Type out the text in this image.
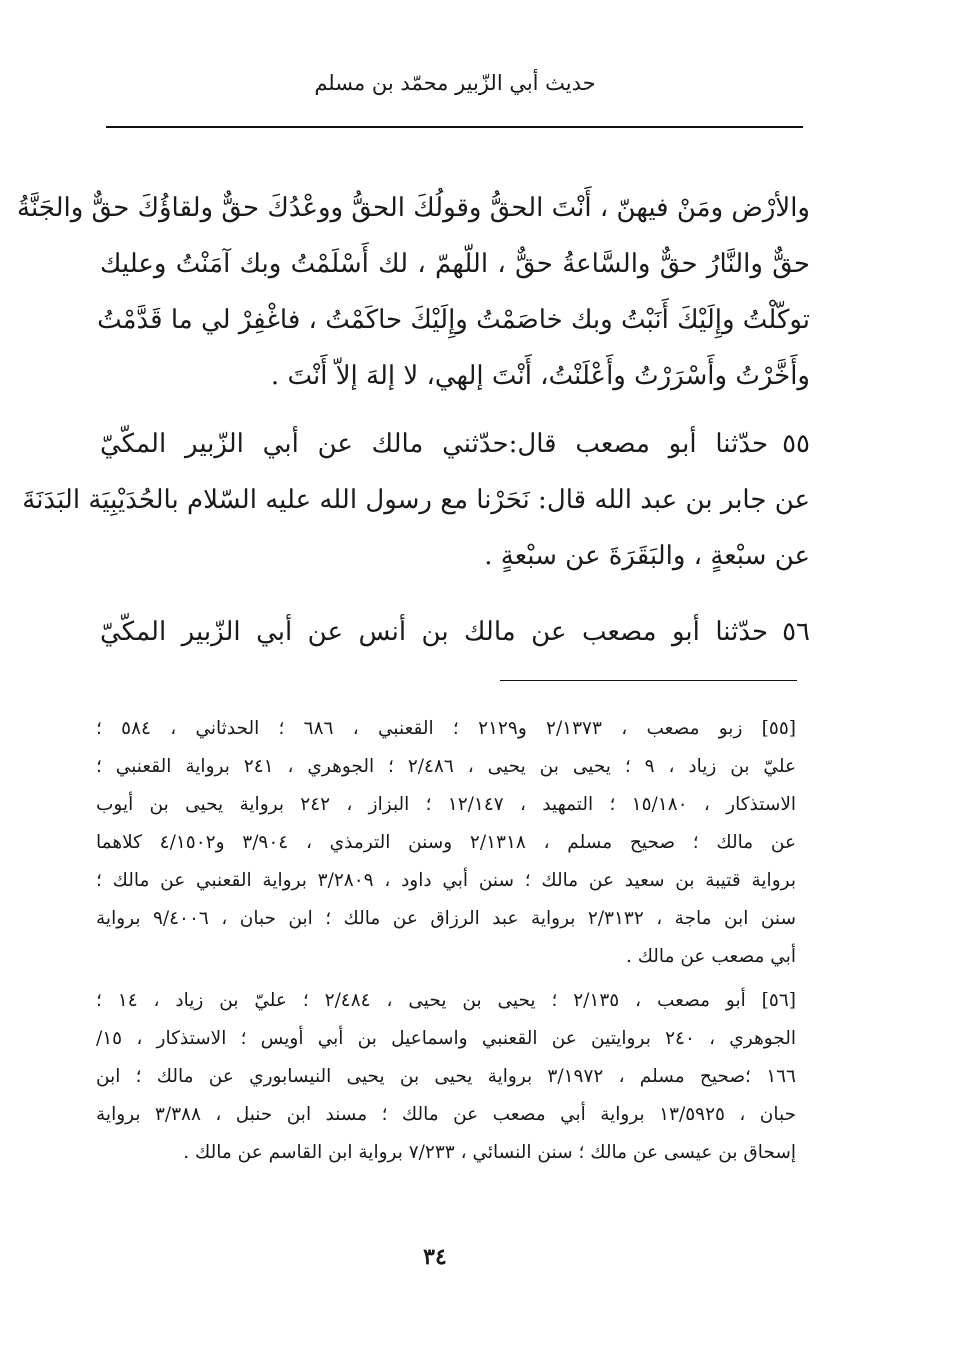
حديث أبي الزّبير محمّد بن مسلم
والأرْض ومَنْ فيهنّ ، أَنْتَ الحقُّ وقولُكَ الحقُّ ووعْدُكَ حقٌّ ولقاؤُكَ حقٌّ والجَنَّةُ
حقٌّ والنَّارُ حقٌّ والسَّاعةُ حقٌّ ، اللّهمّ ، لك أَسْلَمْتُ وبك آمَنْتُ وعليك
توكّلْتُ وإِلَيْكَ أَنَبْتُ وبك خاصَمْتُ وإِلَيْكَ حاكَمْتُ ، فاغْفِرْ لي ما قَدَّمْتُ
وأَخَّرْتُ وأَسْرَرْتُ وأَعْلَنْتُ، أَنْتَ إلهي، لا إلهَ إلاّ أَنْتَ .
٥٥حدّثنا أبو مصعب قال:حدّثني مالك عن أبي الزّبير المكّيّ
عن جابر بن عبد الله قال: نَحَرْنا مع رسول الله عليه السّلام بالحُدَيْبِيَة البَدَنَةَ
عن سبْعةٍ ، والبَقَرَةَ عن سبْعةٍ .
٥٦حدّثنا أبو مصعب عن مالك بن أنس عن أبي الزّبير المكّيّ
[٥٥] زبو مصعب ، ٢/١٣٧٣ و٢١٢٩ ؛ القعنبي ، ٦٨٦ ؛ الحدثاني ، ٥٨٤ ؛
عليّ بن زياد ، ٩ ؛ يحيى بن يحيى ، ٢/٤٨٦ ؛ الجوهري ، ٢٤١ برواية القعنبي ؛
الاستذكار ، ١٥/١٨٠ ؛ التمهيد ، ١٢/١٤٧ ؛ البزاز ، ٢٤٢ برواية يحيى بن أيوب
عن مالك ؛ صحيح مسلم ، ٢/١٣١٨ وسنن الترمذي ، ٣/٩٠٤ و٤/١٥٠٢ كلاهما
برواية قتيبة بن سعيد عن مالك ؛ سنن أبي داود ، ٣/٢٨٠٩ برواية القعنبي عن مالك ؛
سنن ابن ماجة ، ٢/٣١٣٢ برواية عبد الرزاق عن مالك ؛ ابن حبان ، ٩/٤٠٠٦ برواية
أبي مصعب عن مالك .
[٥٦] أبو مصعب ، ٢/١٣٥ ؛ يحيى بن يحيى ، ٢/٤٨٤ ؛ عليّ بن زياد ، ١٤ ؛
الجوهري ، ٢٤٠ بروايتين عن القعنبي واسماعيل بن أبي أويس ؛ الاستذكار ، ١٥/
١٦٦ ؛صحيح مسلم ، ٣/١٩٧٢ برواية يحيى بن يحيى النيسابوري عن مالك ؛ ابن
حبان ، ١٣/٥٩٢٥ برواية أبي مصعب عن مالك ؛ مسند ابن حنبل ، ٣/٣٨٨ برواية
إسحاق بن عيسى عن مالك ؛ سنن النسائي ، ٧/٢٣٣ برواية ابن القاسم عن مالك .
٣٤
